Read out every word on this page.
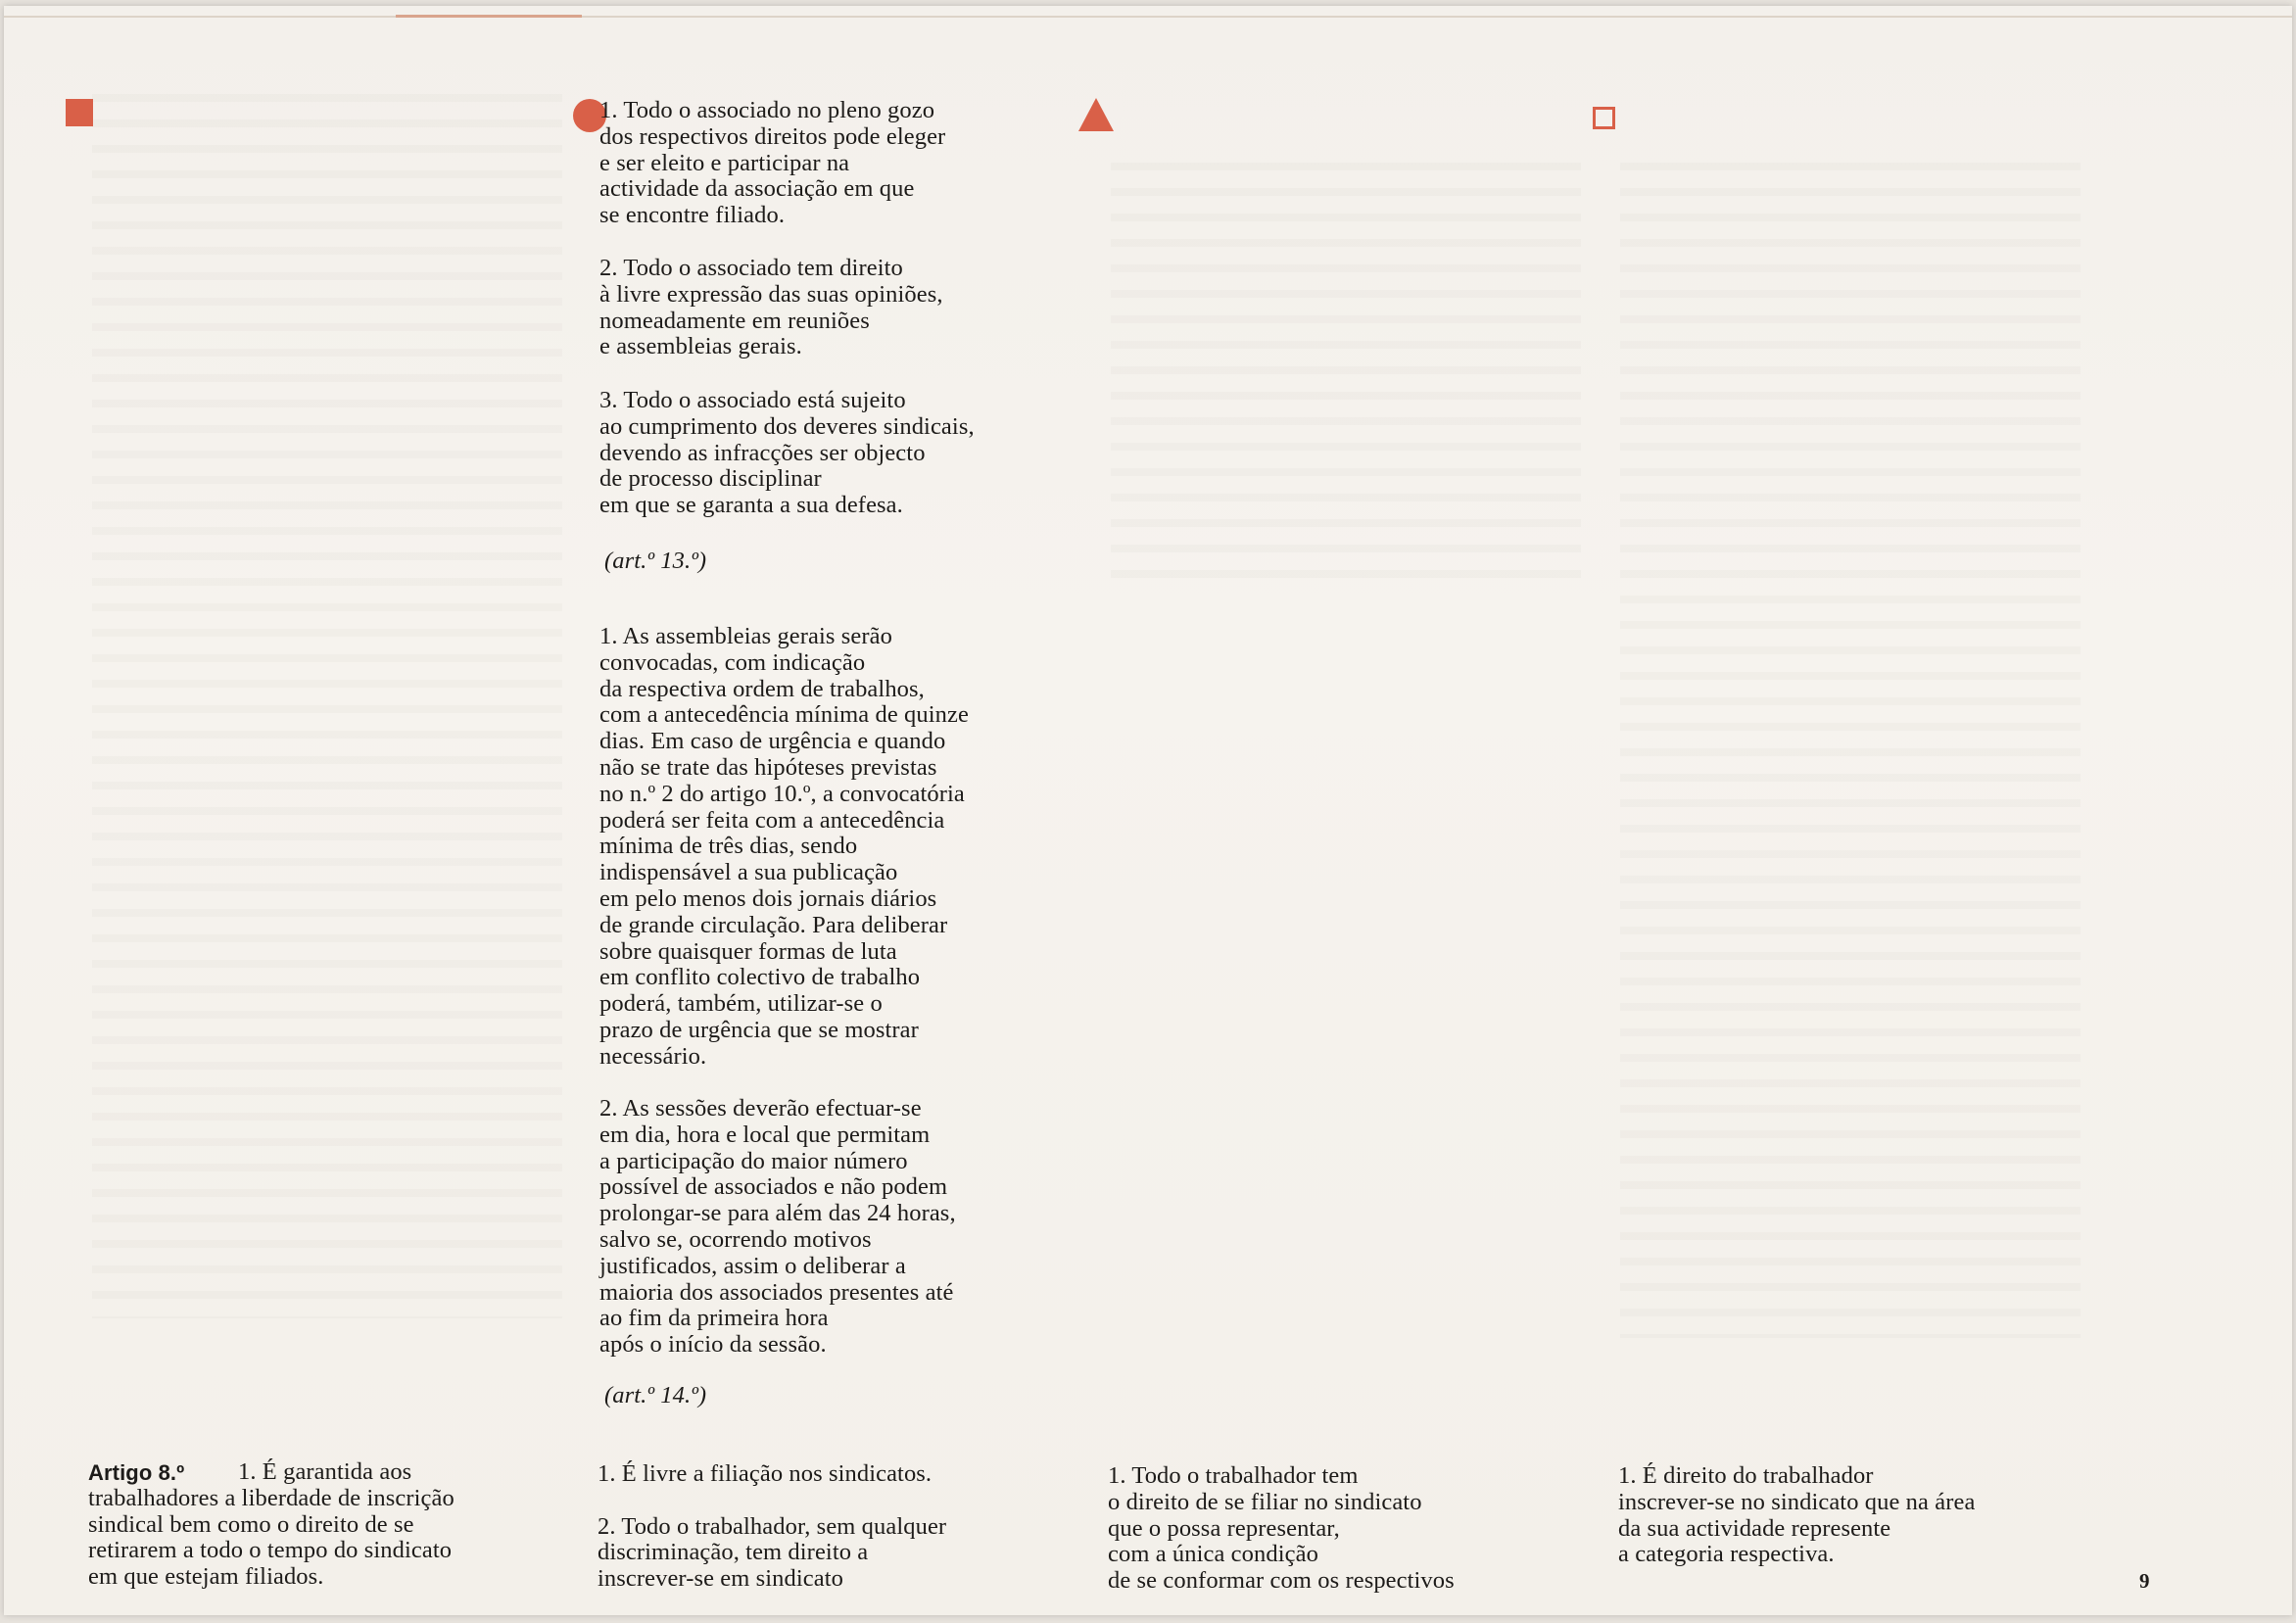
1. Todo o associado no pleno gozo
dos respectivos direitos pode eleger
e ser eleito e participar na
actividade da associação em que
se encontre filiado.

2. Todo o associado tem direito
à livre expressão das suas opiniões,
nomeadamente em reuniões
e assembleias gerais.

3. Todo o associado está sujeito
ao cumprimento dos deveres sindicais,
devendo as infracções ser objecto
de processo disciplinar
em que se garanta a sua defesa.

(art.º 13.º)

1. As assembleias gerais serão
convocadas, com indicação
da respectiva ordem de trabalhos,
com a antecedência mínima de quinze
dias. Em caso de urgência e quando
não se trate das hipóteses previstas
no n.º 2 do artigo 10.º, a convocatória
poderá ser feita com a antecedência
mínima de três dias, sendo
indispensável a sua publicação
em pelo menos dois jornais diários
de grande circulação. Para deliberar
sobre quaisquer formas de luta
em conflito colectivo de trabalho
poderá, também, utilizar-se o
prazo de urgência que se mostrar
necessário.

2. As sessões deverão efectuar-se
em dia, hora e local que permitam
a participação do maior número
possível de associados e não podem
prolongar-se para além das 24 horas,
salvo se, ocorrendo motivos
justificados, assim o deliberar a
maioria dos associados presentes até
ao fim da primeira hora
após o início da sessão.

(art.º 14.º)

Artigo 8.º	1. É garantida aos
trabalhadores a liberdade de inscrição
sindical bem como o direito de se
retirarem a todo o tempo do sindicato
em que estejam filiados.

1. É livre a filiação nos sindicatos.

2. Todo o trabalhador, sem qualquer
discriminação, tem direito a
inscrever-se em sindicato

1. Todo o trabalhador tem
o direito de se filiar no sindicato
que o possa representar,
com a única condição
de se conformar com os respectivos

1. É direito do trabalhador
inscrever-se no sindicato que na área
da sua actividade represente
a categoria respectiva.

9
